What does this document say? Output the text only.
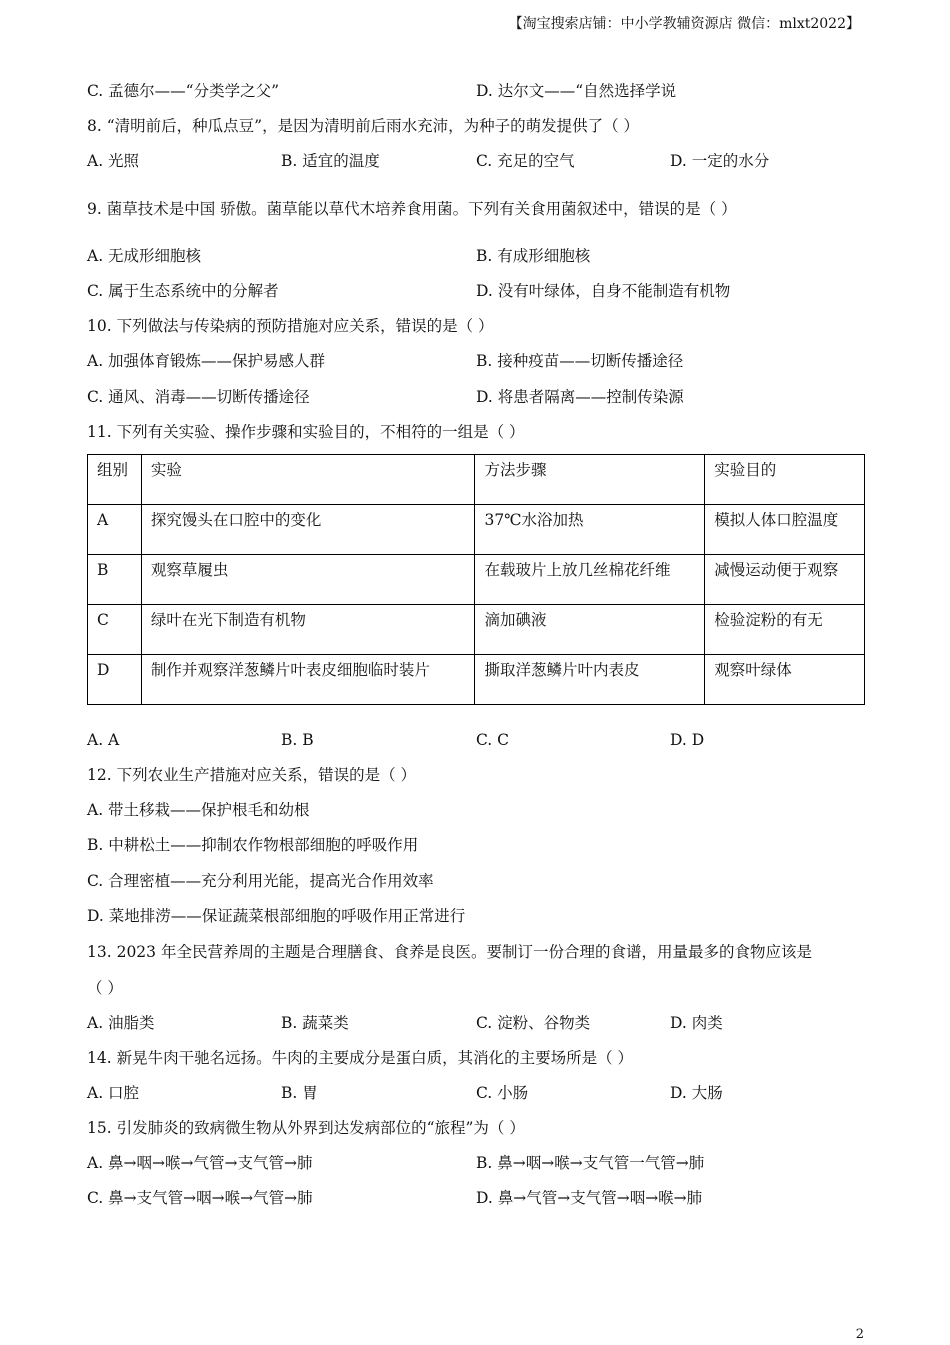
【淘宝搜索店铺：中小学教辅资源店 微信：mlxt2022】
C. 孟德尔——“分类学之父”	D. 达尔文——“自然选择学说
8. “清明前后，种瓜点豆”，是因为清明前后雨水充沛，为种子的萌发提供了（ ）
A. 光照	B. 适宜的温度	C. 充足的空气	D. 一定的水分
9. 菌草技术是中国 骄傲。菌草能以草代木培养食用菌。下列有关食用菌叙述中，错误的是（ ）
A. 无成形细胞核	B. 有成形细胞核
C. 属于生态系统中的分解者	D. 没有叶绿体，自身不能制造有机物
10. 下列做法与传染病的预防措施对应关系，错误的是（ ）
A. 加强体育锻炼——保护易感人群	B. 接种疫苗——切断传播途径
C. 通风、消毒——切断传播途径	D. 将患者隔离——控制传染源
11. 下列有关实验、操作步骤和实验目的，不相符的一组是（ ）
组别	实验	方法步骤	实验目的
A	探究馒头在口腔中的变化	37℃水浴加热	模拟人体口腔温度
B	观察草履虫	在载玻片上放几丝棉花纤维	减慢运动便于观察
C	绿叶在光下制造有机物	滴加碘液	检验淀粉的有无
D	制作并观察洋葱鳞片叶表皮细胞临时装片	撕取洋葱鳞片叶内表皮	观察叶绿体
A. A	B. B	C. C	D. D
12. 下列农业生产措施对应关系，错误的是（ ）
A. 带土移栽——保护根毛和幼根
B. 中耕松土——抑制农作物根部细胞的呼吸作用
C. 合理密植——充分利用光能，提高光合作用效率
D. 菜地排涝——保证蔬菜根部细胞的呼吸作用正常进行
13. 2023 年全民营养周的主题是合理膳食、食养是良医。要制订一份合理的食谱，用量最多的食物应该是
（ ）
A. 油脂类	B. 蔬菜类	C. 淀粉、谷物类	D. 肉类
14. 新晃牛肉干驰名远扬。牛肉的主要成分是蛋白质，其消化的主要场所是（ ）
A. 口腔	B. 胃	C. 小肠	D. 大肠
15. 引发肺炎的致病微生物从外界到达发病部位的“旅程”为（ ）
A. 鼻→咽→喉→气管→支气管→肺	B. 鼻→咽→喉→支气管一气管→肺
C. 鼻→支气管→咽→喉→气管→肺	D. 鼻→气管→支气管→咽→喉→肺
2
